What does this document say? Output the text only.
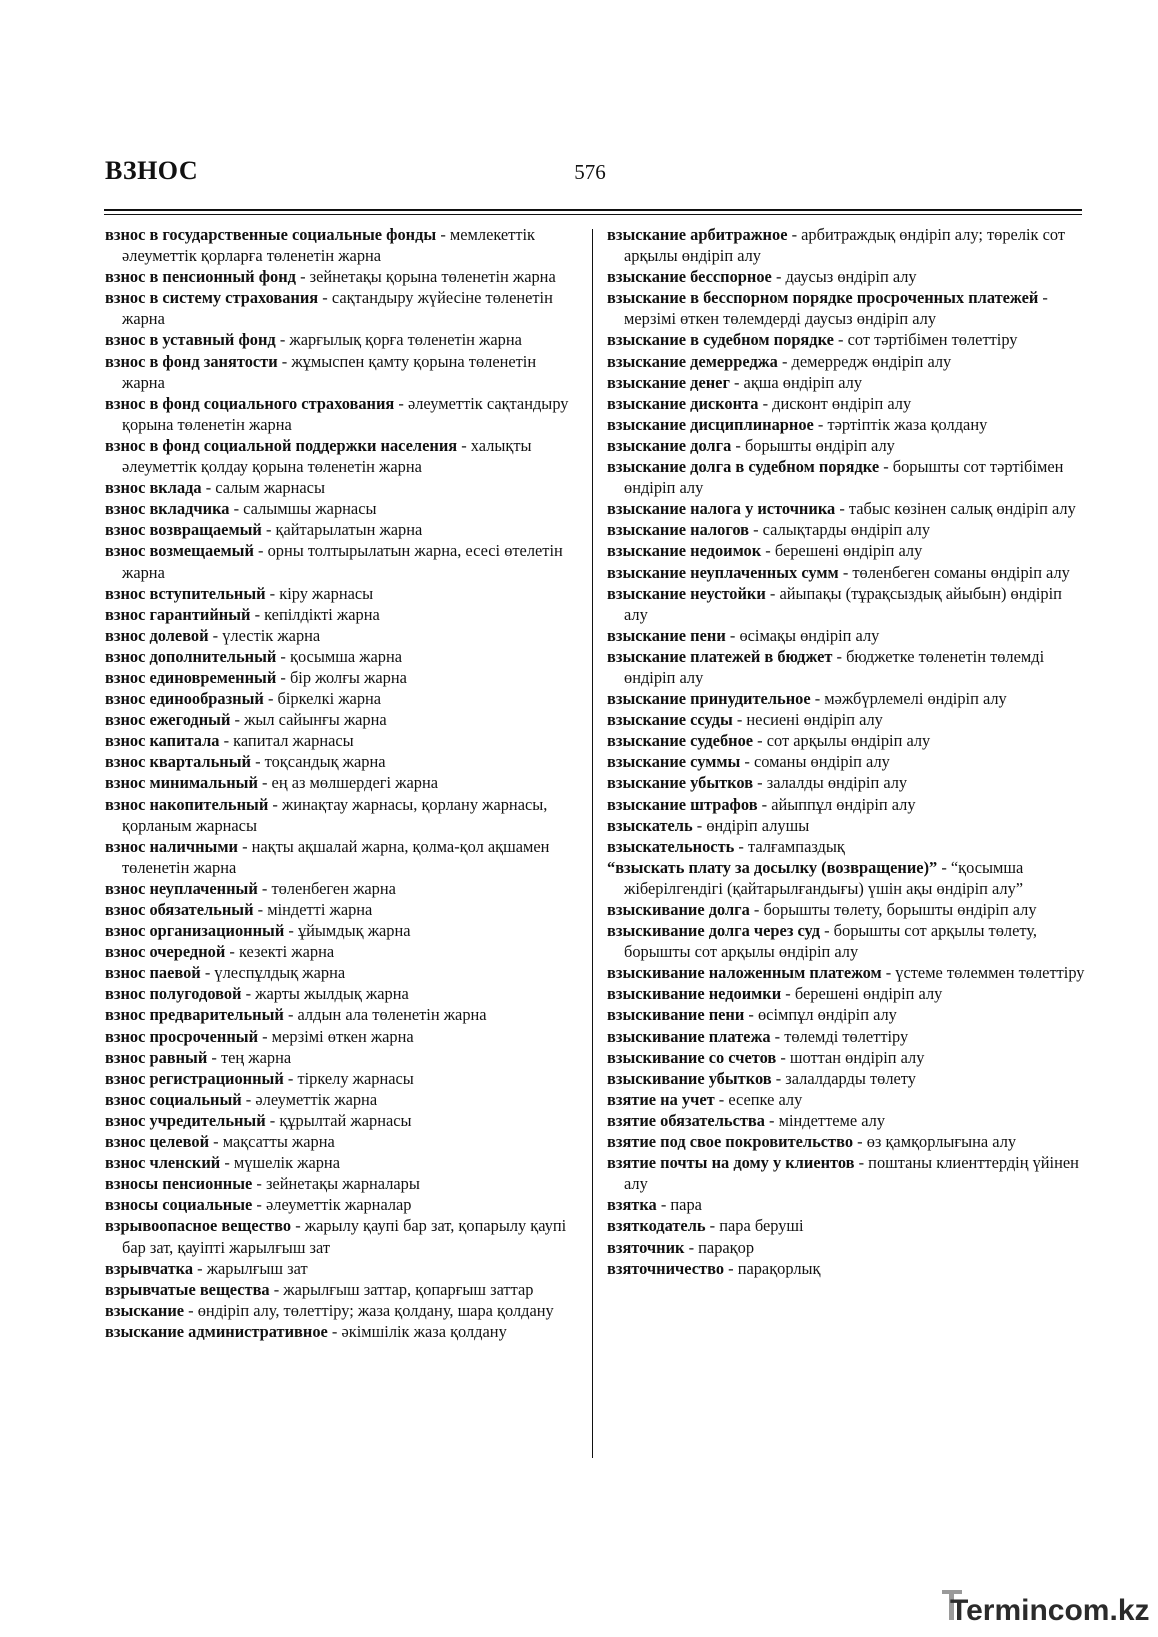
ВЗНОС	576
взнос в государственные социальные фонды - мемлекеттік әлеуметтік қорларға төленетін жарна
взнос в пенсионный фонд - зейнетақы қорына төленетін жарна
взнос в систему страхования - сақтандыру жүйесіне төленетін жарна
взнос в уставный фонд - жарғылық қорға төленетін жарна
взнос в фонд занятости - жұмыспен қамту қорына төленетін жарна
взнос в фонд социального страхования - әлеуметтік сақтандыру қорына төленетін жарна
взнос в фонд социальной поддержки населения - халықты әлеуметтік қолдау қорына төленетін жарна
взнос вклада - салым жарнасы
взнос вкладчика - салымшы жарнасы
взнос возвращаемый - қайтарылатын жарна
взнос возмещаемый - орны толтырылатын жарна, есесі өтелетін жарна
взнос вступительный - кіру жарнасы
взнос гарантийный - кепілдікті жарна
взнос долевой - үлестік жарна
взнос дополнительный - қосымша жарна
взнос единовременный - бір жолғы жарна
взнос единообразный - біркелкі жарна
взнос ежегодный - жыл сайынғы жарна
взнос капитала - капитал жарнасы
взнос квартальный - тоқсандық жарна
взнос минимальный - ең аз мөлшердегі жарна
взнос накопительный - жинақтау жарнасы, қорлану жарнасы, қорланым жарнасы
взнос наличными - нақты ақшалай жарна, қолма-қол ақшамен төленетін жарна
взнос неуплаченный - төленбеген жарна
взнос обязательный - міндетті жарна
взнос организационный - ұйымдық жарна
взнос очередной - кезекті жарна
взнос паевой - үлеспұлдық жарна
взнос полугодовой - жарты жылдық жарна
взнос предварительный - алдын ала төленетін жарна
взнос просроченный - мерзімі өткен жарна
взнос равный - тең жарна
взнос регистрационный - тіркелу жарнасы
взнос социальный - әлеуметтік жарна
взнос учредительный - құрылтай жарнасы
взнос целевой - мақсатты жарна
взнос членский - мүшелік жарна
взносы пенсионные - зейнетақы жарналары
взносы социальные - әлеуметтік жарналар
взрывоопасное вещество - жарылу қаупі бар зат, қопарылу қаупі бар зат, қауіпті жарылғыш зат
взрывчатка - жарылғыш зат
взрывчатые вещества - жарылғыш заттар, қопарғыш заттар
взыскание - өндіріп алу, төлеттіру; жаза қолдану, шара қолдану
взыскание административное - әкімшілік жаза қолдану
взыскание арбитражное - арбитраждық өндіріп алу; төрелік сот арқылы өндіріп алу
взыскание бесспорное - даусыз өндіріп алу
взыскание в бесспорном порядке просроченных платежей - мерзімі өткен төлемдерді даусыз өндіріп алу
взыскание в судебном порядке - сот тәртібімен төлеттіру
взыскание демерреджа - демерредж өндіріп алу
взыскание денег - ақша өндіріп алу
взыскание дисконта - дисконт өндіріп алу
взыскание дисциплинарное - тәртіптік жаза қолдану
взыскание долга - борышты өндіріп алу
взыскание долга в судебном порядке - борышты сот тәртібімен өндіріп алу
взыскание налога у источника - табыс көзінен салық өндіріп алу
взыскание налогов - салықтарды өндіріп алу
взыскание недоимок - берешені өндіріп алу
взыскание неуплаченных сумм - төленбеген соманы өндіріп алу
взыскание неустойки - айыпақы (тұрақсыздық айыбын) өндіріп алу
взыскание пени - өсімақы өндіріп алу
взыскание платежей в бюджет - бюджетке төленетін төлемді өндіріп алу
взыскание принудительное - мәжбүрлемелі өндіріп алу
взыскание ссуды - несиені өндіріп алу
взыскание судебное - сот арқылы өндіріп алу
взыскание суммы - соманы өндіріп алу
взыскание убытков - залалды өндіріп алу
взыскание штрафов - айыппұл өндіріп алу
взыскатель - өндіріп алушы
взыскательность - талғампаздық
“взыскать плату за досылку (возвращение)” - “қосымша жіберілгендігі (қайтарылғандығы) үшін ақы өндіріп алу”
взыскивание долга - борышты төлету, борышты өндіріп алу
взыскивание долга через суд - борышты сот арқылы төлету, борышты сот арқылы өндіріп алу
взыскивание наложенным платежом - үстеме төлеммен төлеттіру
взыскивание недоимки - берешені өндіріп алу
взыскивание пени - өсімпұл өндіріп алу
взыскивание платежа - төлемді төлеттіру
взыскивание со счетов - шоттан өндіріп алу
взыскивание убытков - залалдарды төлету
взятие на учет - есепке алу
взятие обязательства - міндеттеме алу
взятие под свое покровительство - өз қамқорлығына алу
взятие почты на дому у клиентов - поштаны клиенттердің үйінен алу
взятка - пара
взяткодатель - пара беруші
взяточник - парақор
взяточничество - парақорлық
Termincom.kz
